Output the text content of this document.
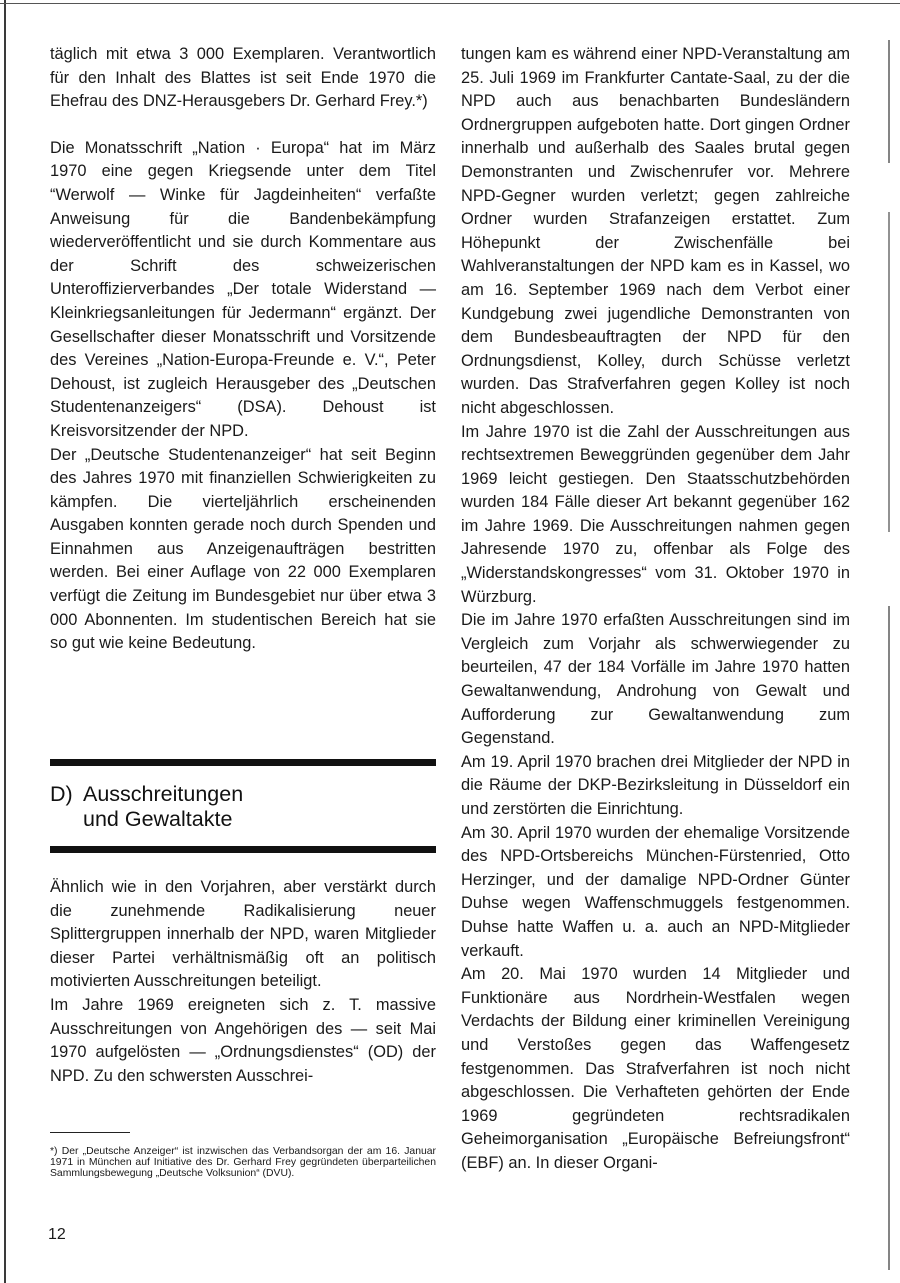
täglich mit etwa 3 000 Exemplaren. Verantwortlich für den Inhalt des Blattes ist seit Ende 1970 die Ehefrau des DNZ-Herausgebers Dr. Gerhard Frey.*)

Die Monatsschrift „Nation · Europa“ hat im März 1970 eine gegen Kriegsende unter dem Titel “Werwolf — Winke für Jagdeinheiten“ verfaßte Anweisung für die Bandenbekämpfung wiederveröffentlicht und sie durch Kommentare aus der Schrift des schweizerischen Unteroffizierverbandes „Der totale Widerstand — Kleinkriegsanleitungen für Jedermann“ ergänzt. Der Gesellschafter dieser Monatsschrift und Vorsitzende des Vereines „Nation-Europa-Freunde e. V.“, Peter Dehoust, ist zugleich Herausgeber des „Deutschen Studentenanzeigers“ (DSA). Dehoust ist Kreisvorsitzender der NPD.

Der „Deutsche Studentenanzeiger“ hat seit Beginn des Jahres 1970 mit finanziellen Schwierigkeiten zu kämpfen. Die vierteljährlich erscheinenden Ausgaben konnten gerade noch durch Spenden und Einnahmen aus Anzeigenaufträgen bestritten werden. Bei einer Auflage von 22 000 Exemplaren verfügt die Zeitung im Bundesgebiet nur über etwa 3 000 Abonnenten. Im studentischen Bereich hat sie so gut wie keine Bedeutung.

D) Ausschreitungen
und Gewaltakte

Ähnlich wie in den Vorjahren, aber verstärkt durch die zunehmende Radikalisierung neuer Splittergruppen innerhalb der NPD, waren Mitglieder dieser Partei verhältnismäßig oft an politisch motivierten Ausschreitungen beteiligt.

Im Jahre 1969 ereigneten sich z. T. massive Ausschreitungen von Angehörigen des — seit Mai 1970 aufgelösten — „Ordnungsdienstes“ (OD) der NPD. Zu den schwersten Ausschrei-

*) Der „Deutsche Anzeiger“ ist inzwischen das Verbandsorgan der am 16. Januar 1971 in München auf Initiative des Dr. Gerhard Frey gegründeten überparteilichen Sammlungsbewegung „Deutsche Volksunion“ (DVU).
12

tungen kam es während einer NPD-Veranstaltung am 25. Juli 1969 im Frankfurter Cantate-Saal, zu der die NPD auch aus benachbarten Bundesländern Ordnergruppen aufgeboten hatte. Dort gingen Ordner innerhalb und außerhalb des Saales brutal gegen Demonstranten und Zwischenrufer vor. Mehrere NPD-Gegner wurden verletzt; gegen zahlreiche Ordner wurden Strafanzeigen erstattet. Zum Höhepunkt der Zwischenfälle bei Wahlveranstaltungen der NPD kam es in Kassel, wo am 16. September 1969 nach dem Verbot einer Kundgebung zwei jugendliche Demonstranten von dem Bundesbeauftragten der NPD für den Ordnungsdienst, Kolley, durch Schüsse verletzt wurden. Das Strafverfahren gegen Kolley ist noch nicht abgeschlossen.

Im Jahre 1970 ist die Zahl der Ausschreitungen aus rechtsextremen Beweggründen gegenüber dem Jahr 1969 leicht gestiegen. Den Staatsschutzbehörden wurden 184 Fälle dieser Art bekannt gegenüber 162 im Jahre 1969. Die Ausschreitungen nahmen gegen Jahresende 1970 zu, offenbar als Folge des „Widerstandskongresses“ vom 31. Oktober 1970 in Würzburg.

Die im Jahre 1970 erfaßten Ausschreitungen sind im Vergleich zum Vorjahr als schwerwiegender zu beurteilen, 47 der 184 Vorfälle im Jahre 1970 hatten Gewaltanwendung, Androhung von Gewalt und Aufforderung zur Gewaltanwendung zum Gegenstand.

Am 19. April 1970 brachen drei Mitglieder der NPD in die Räume der DKP-Bezirksleitung in Düsseldorf ein und zerstörten die Einrichtung.

Am 30. April 1970 wurden der ehemalige Vorsitzende des NPD-Ortsbereichs München-Fürstenried, Otto Herzinger, und der damalige NPD-Ordner Günter Duhse wegen Waffenschmuggels festgenommen. Duhse hatte Waffen u. a. auch an NPD-Mitglieder verkauft.

Am 20. Mai 1970 wurden 14 Mitglieder und Funktionäre aus Nordrhein-Westfalen wegen Verdachts der Bildung einer kriminellen Vereinigung und Verstoßes gegen das Waffengesetz festgenommen. Das Strafverfahren ist noch nicht abgeschlossen. Die Verhafteten gehörten der Ende 1969 gegründeten rechtsradikalen Geheimorganisation „Europäische Befreiungsfront“ (EBF) an. In dieser Organi-
